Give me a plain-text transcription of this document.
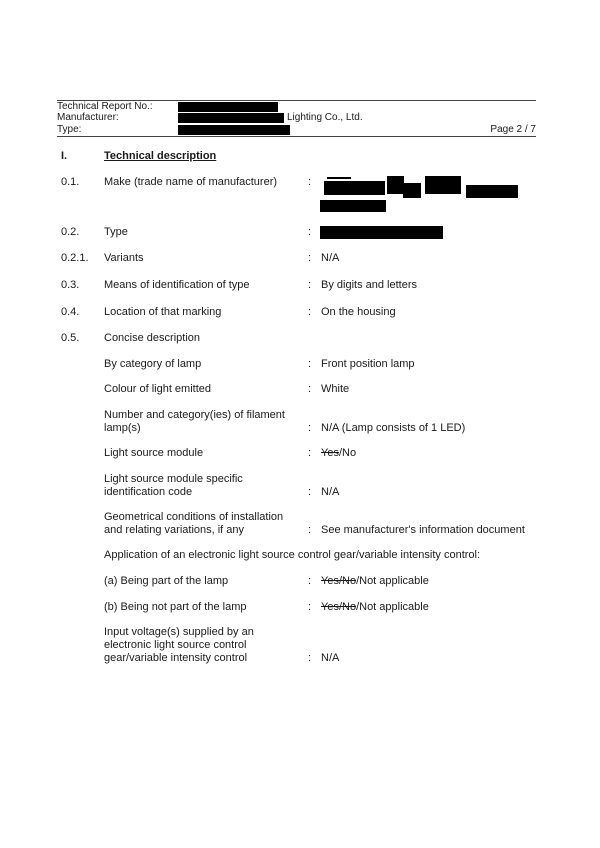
Technical Report No.:
Manufacturer:	Lighting Co., Ltd.
Type:	Page 2 / 7
I.	Technical description
0.1. Make (trade name of manufacturer)	:
0.2. Type	:
0.2.1. Variants	: N/A
0.3. Means of identification of type	: By digits and letters
0.4. Location of that marking	: On the housing
0.5. Concise description
By category of lamp	: Front position lamp
Colour of light emitted	: White
Number and category(ies) of filament
lamp(s)	: N/A (Lamp consists of 1 LED)
Light source module	: Yes/No
Light source module specific
identification code	: N/A
Geometrical conditions of installation
and relating variations, if any	: See manufacturer's information document
Application of an electronic light source control gear/variable intensity control:
(a) Being part of the lamp	: Yes/No/Not applicable
(b) Being not part of the lamp	: Yes/No/Not applicable
Input voltage(s) supplied by an
electronic light source control
gear/variable intensity control	: N/A
